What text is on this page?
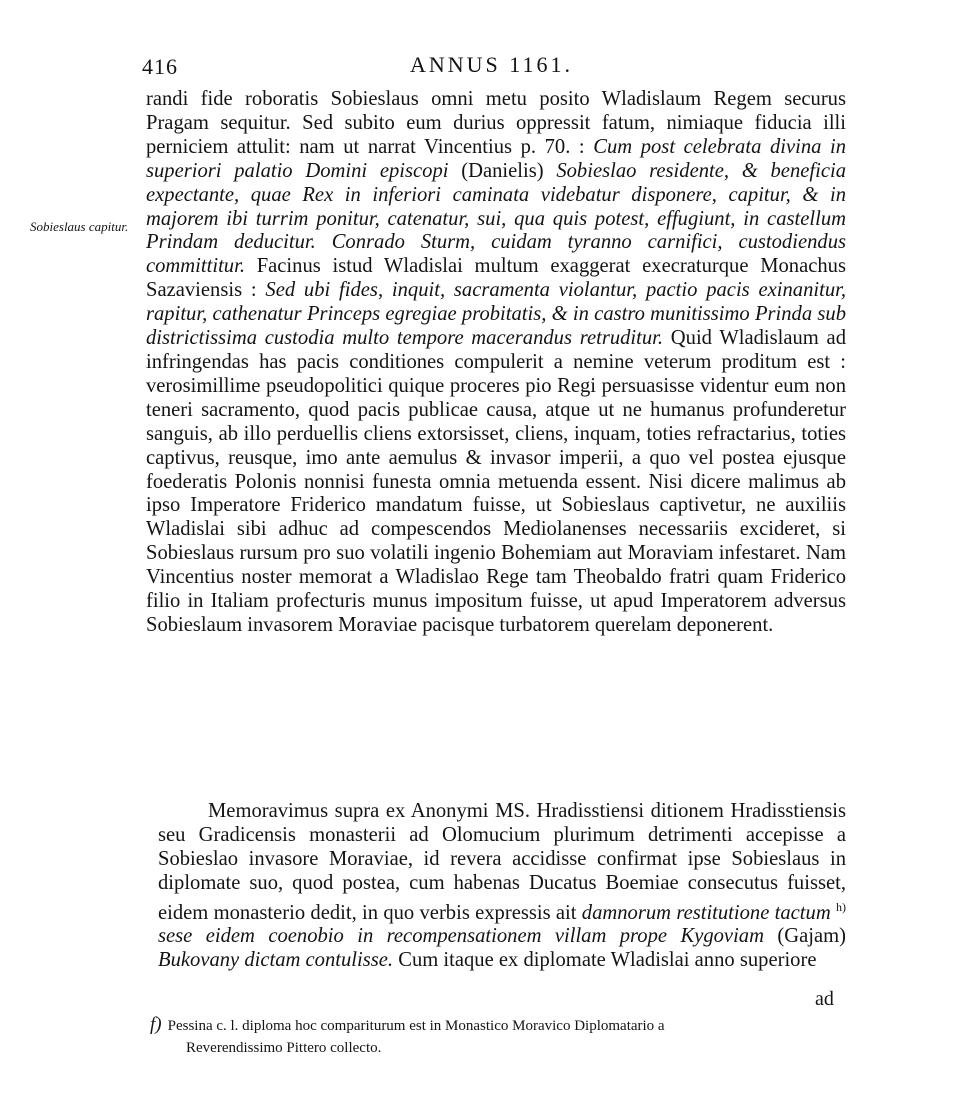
416	ANNUS 1161.
Sobieslaus capitur.

randi fide roboratis Sobieslaus omni metu posito Wladislaum Regem securus Pragam sequitur. Sed subito eum durius oppressit fatum, nimiaque fiducia illi perniciem attulit: nam ut narrat Vincentius p. 70. : Cum post celebrata divina in superiori palatio Domini episcopi (Danielis) Sobieslao residente, & beneficia expectante, quae Rex in inferiori caminata videbatur disponere, capitur, & in majorem ibi turrim ponitur, catenatur, sui, qua quis potest, effugiunt, in castellum Prindam deducitur. Conrado Sturm, cuidam tyranno carnifici, custodiendus committitur. Facinus istud Wladislai multum exaggerat execraturque Monachus Sazaviensis : Sed ubi fides, inquit, sacramenta violantur, pactio pacis exinanitur, rapitur, cathenatur Princeps egregiae probitatis, & in castro munitissimo Prinda sub districtissima custodia multo tempore macerandus retruditur. Quid Wladislaum ad infringendas has pacis conditiones compulerit a nemine veterum proditum est : verosimillime pseudopolitici quique proceres pio Regi persuasisse videntur eum non teneri sacramento, quod pacis publicae causa, atque ut ne humanus profunderetur sanguis, ab illo perduellis cliens extorsisset, cliens, inquam, toties refractarius, toties captivus, reusque, imo ante aemulus & invasor imperii, a quo vel postea ejusque foederatis Polonis nonnisi funesta omnia metuenda essent. Nisi dicere malimus ab ipso Imperatore Friderico mandatum fuisse, ut Sobieslaus captivetur, ne auxiliis Wladislai sibi adhuc ad compescendos Mediolanenses necessariis excideret, si Sobieslaus rursum pro suo volatili ingenio Bohemiam aut Moraviam infestaret. Nam Vincentius noster memorat a Wladislao Rege tam Theobaldo fratri quam Friderico filio in Italiam profecturis munus impositum fuisse, ut apud Imperatorem adversus Sobieslaum invasorem Moraviae pacisque turbatorem querelam deponerent.

Memoravimus supra ex Anonymi MS. Hradisstiensi ditionem Hradisstiensis seu Gradicensis monasterii ad Olomucium plurimum detrimenti accepisse a Sobieslao invasore Moraviae, id revera accidisse confirmat ipse Sobieslaus in diplomate suo, quod postea, cum habenas Ducatus Boemiae consecutus fuisset, eidem monasterio dedit, in quo verbis expressis ait damnorum restitutione tactum $^{h)}$ sese eidem coenobio in recompensationem villam prope Kygoviam (Gajam) Bukovany dictam contulisse. Cum itaque ex diplomate Wladislai anno superiore

ad
f) Pessina c. l. diploma hoc compariturum est in Monastico Moravico Diplomatario a
Reverendissimo Pittero collecto.
